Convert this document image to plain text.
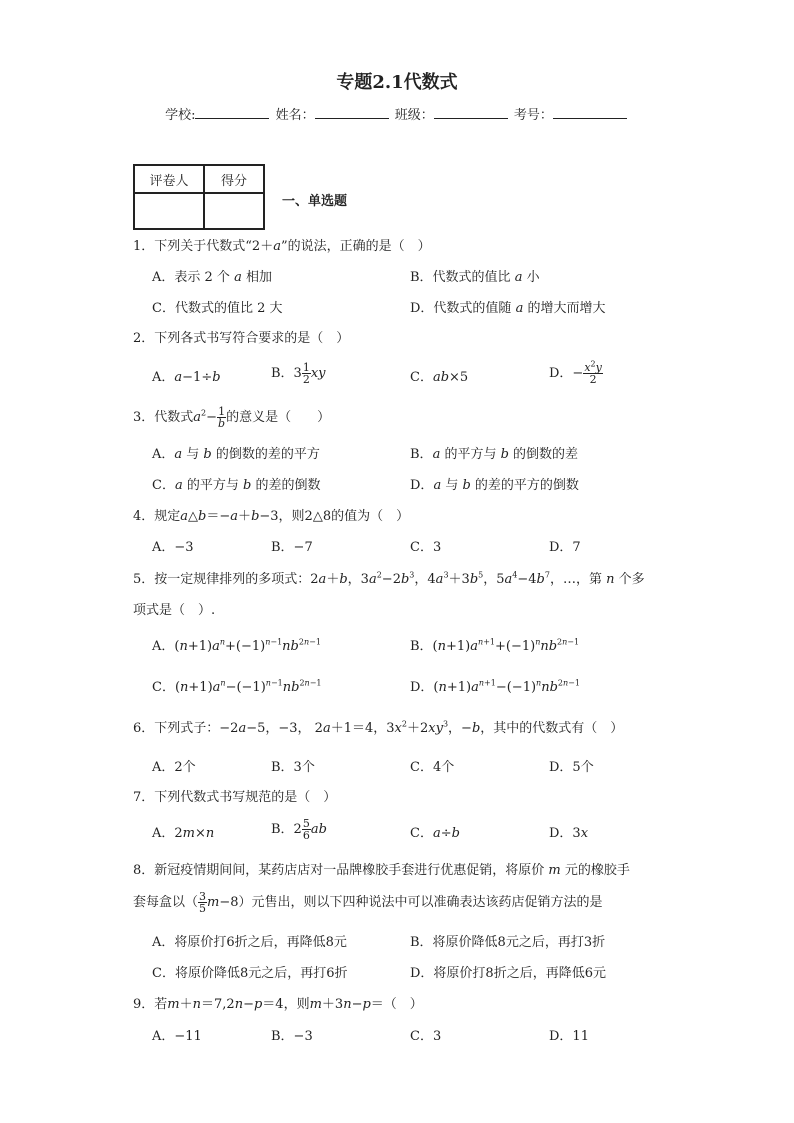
专题2.1代数式
学校:	姓名：	班级：	考号：
评卷人	得分

一、单选题
1．下列关于代数式“2＋a”的说法，正确的是（　）
A．表示 2 个 a 相加	B．代数式的值比 a 小
C．代数式的值比 2 大	D．代数式的值随 a 的增大而增大
2．下列各式书写符合要求的是（　）
A．a−1÷b	B．$3 \frac{1}{2}$ xy	C．ab×5	D．− $\frac{x^2y}{2}$
3．代数式$a^2- \frac{1}{b}$ 的意义是（　　）
A．a 与 b 的倒数的差的平方	B．a 的平方与 b 的倒数的差
C．a 的平方与 b 的差的倒数	D．a 与 b 的差的平方的倒数
4．规定a△b＝−a＋b−3，则2△8的值为（　）
A．−3	B．−7	C．3	D．7
5．按一定规律排列的多项式：2a＋b，$3a^2-2b^3$，$4a^3+3b^5$，$5a^4-4b^7$，…，第 n 个多
项式是（　）.
A．$(n+1)a^n+(-1)^{n-1}nb^{2n-1}$	B．$(n+1)a^{n+1}+(-1)^nnb^{2n-1}$
C．$(n+1)a^n-(-1)^{n-1}nb^{2n-1}$	D．$(n+1)a^{n+1}-(-1)^nnb^{2n-1}$
6．下列式子：−2a−5，−3， 2a＋1＝4，$3x^2+2xy^3$，−b，其中的代数式有（　）
A．2个	B．3个	C．4个	D．5个
7．下列代数式书写规范的是（　）
A．2m×n	B．$2 \frac{5}{6}$ ab	C．a÷b	D．3x
8．新冠疫情期间间，某药店店对一品牌橡胶手套进行优惠促销，将原价 m 元的橡胶手
套每盒以（ $\frac{3}{5} m-8$）元售出，则以下四种说法中可以准确表达该药店促销方法的是
A．将原价打6折之后，再降低8元	B．将原价降低8元之后，再打3折
C．将原价降低8元之后，再打6折	D．将原价打8折之后，再降低6元
9．若m＋n＝7,2n−p＝4，则m＋3n−p＝（　）
A．−11	B．−3	C．3	D．11
